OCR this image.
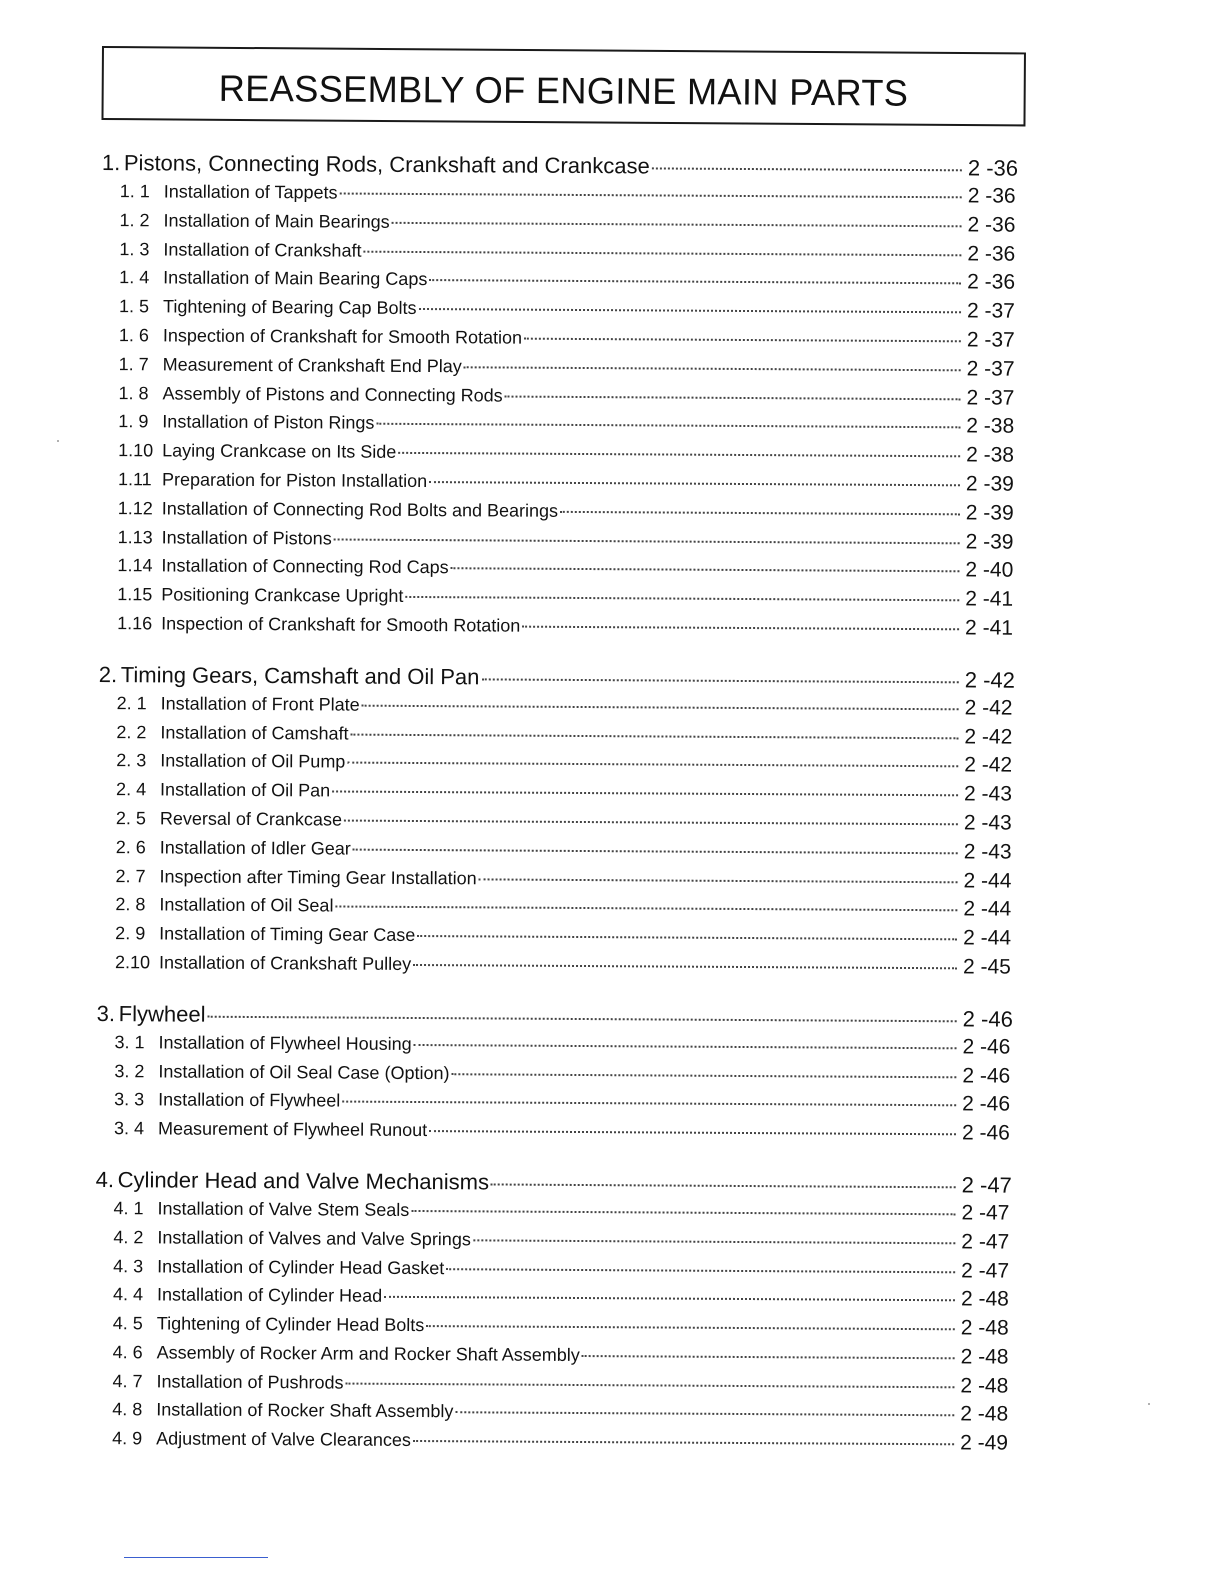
REASSEMBLY OF ENGINE MAIN PARTS
1. Pistons, Connecting Rods, Crankshaft and Crankcase	2 -36
1. 1 Installation of Tappets	2 -36
1. 2 Installation of Main Bearings	2 -36
1. 3 Installation of Crankshaft	2 -36
1. 4 Installation of Main Bearing Caps	2 -36
1. 5 Tightening of Bearing Cap Bolts	2 -37
1. 6 Inspection of Crankshaft for Smooth Rotation	2 -37
1. 7 Measurement of Crankshaft End Play	2 -37
1. 8 Assembly of Pistons and Connecting Rods	2 -37
1. 9 Installation of Piston Rings	2 -38
1.10 Laying Crankcase on Its Side	2 -38
1.11 Preparation for Piston Installation	2 -39
1.12 Installation of Connecting Rod Bolts and Bearings	2 -39
1.13 Installation of Pistons	2 -39
1.14 Installation of Connecting Rod Caps	2 -40
1.15 Positioning Crankcase Upright	2 -41
1.16 Inspection of Crankshaft for Smooth Rotation	2 -41
2. Timing Gears, Camshaft and Oil Pan	2 -42
2. 1 Installation of Front Plate	2 -42
2. 2 Installation of Camshaft	2 -42
2. 3 Installation of Oil Pump	2 -42
2. 4 Installation of Oil Pan	2 -43
2. 5 Reversal of Crankcase	2 -43
2. 6 Installation of Idler Gear	2 -43
2. 7 Inspection after Timing Gear Installation	2 -44
2. 8 Installation of Oil Seal	2 -44
2. 9 Installation of Timing Gear Case	2 -44
2.10 Installation of Crankshaft Pulley	2 -45
3. Flywheel	2 -46
3. 1 Installation of Flywheel Housing	2 -46
3. 2 Installation of Oil Seal Case (Option)	2 -46
3. 3 Installation of Flywheel	2 -46
3. 4 Measurement of Flywheel Runout	2 -46
4. Cylinder Head and Valve Mechanisms	2 -47
4. 1 Installation of Valve Stem Seals	2 -47
4. 2 Installation of Valves and Valve Springs	2 -47
4. 3 Installation of Cylinder Head Gasket	2 -47
4. 4 Installation of Cylinder Head	2 -48
4. 5 Tightening of Cylinder Head Bolts	2 -48
4. 6 Assembly of Rocker Arm and Rocker Shaft Assembly	2 -48
4. 7 Installation of Pushrods	2 -48
4. 8 Installation of Rocker Shaft Assembly	2 -48
4. 9 Adjustment of Valve Clearances	2 -49
